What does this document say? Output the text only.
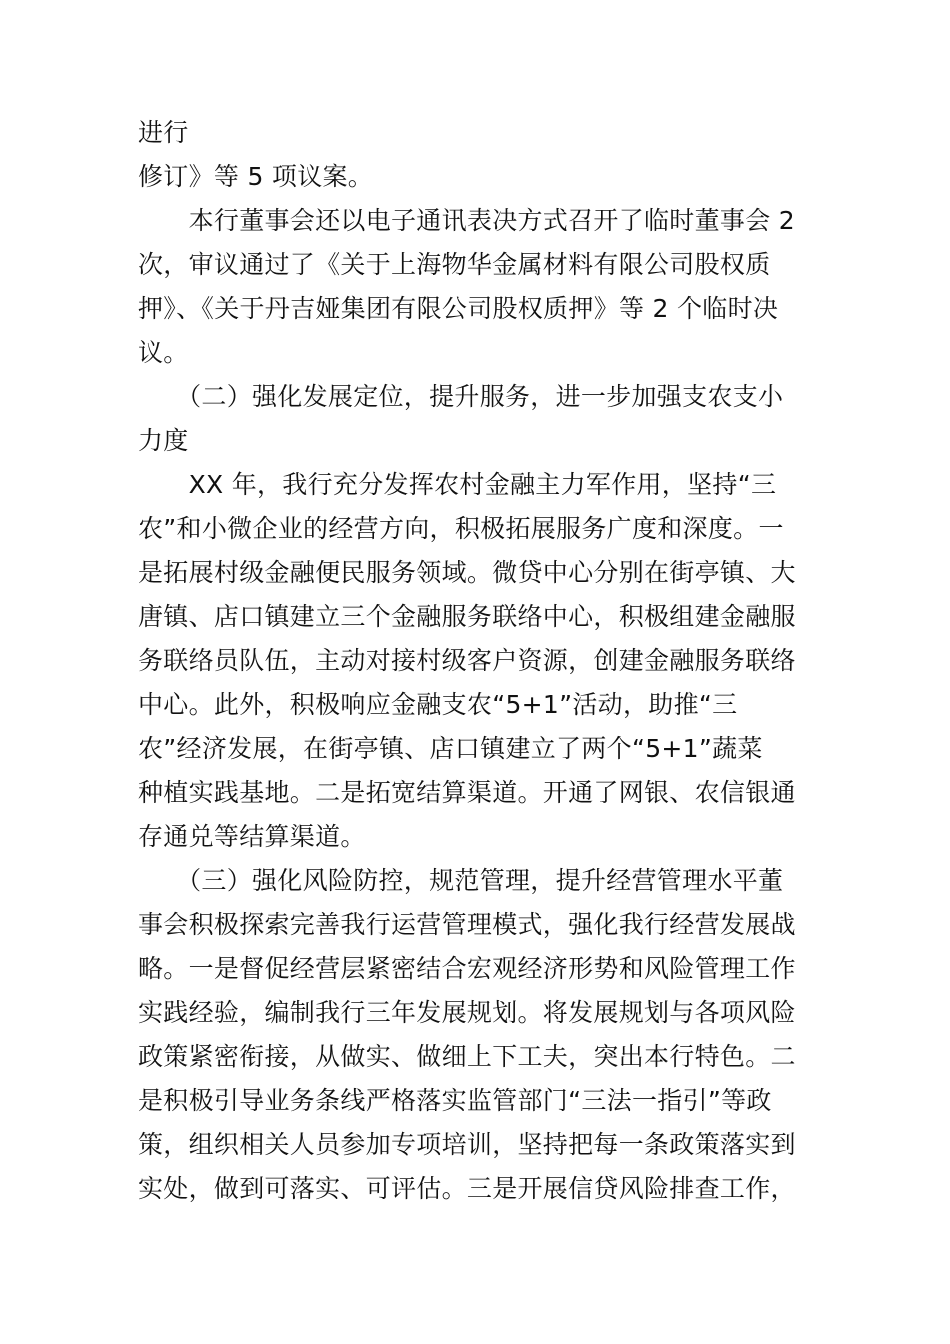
进行
修订》等 5 项议案。
　　本行董事会还以电子通讯表决方式召开了临时董事会 2
次，审议通过了《关于上海物华金属材料有限公司股权质
押》、《关于丹吉娅集团有限公司股权质押》等 2 个临时决
议。
　　（二）强化发展定位，提升服务，进一步加强支农支小
力度
　　XX 年，我行充分发挥农村金融主力军作用，坚持“三
农”和小微企业的经营方向，积极拓展服务广度和深度。一
是拓展村级金融便民服务领域。微贷中心分别在街亭镇、大
唐镇、店口镇建立三个金融服务联络中心，积极组建金融服
务联络员队伍，主动对接村级客户资源，创建金融服务联络
中心。此外，积极响应金融支农“5+1”活动，助推“三
农”经济发展，在街亭镇、店口镇建立了两个“5+1”蔬菜
种植实践基地。二是拓宽结算渠道。开通了网银、农信银通
存通兑等结算渠道。
　　（三）强化风险防控，规范管理，提升经营管理水平董
事会积极探索完善我行运营管理模式，强化我行经营发展战
略。一是督促经营层紧密结合宏观经济形势和风险管理工作
实践经验，编制我行三年发展规划。将发展规划与各项风险
政策紧密衔接，从做实、做细上下工夫，突出本行特色。二
是积极引导业务条线严格落实监管部门“三法一指引”等政
策，组织相关人员参加专项培训，坚持把每一条政策落实到
实处，做到可落实、可评估。三是开展信贷风险排查工作，
